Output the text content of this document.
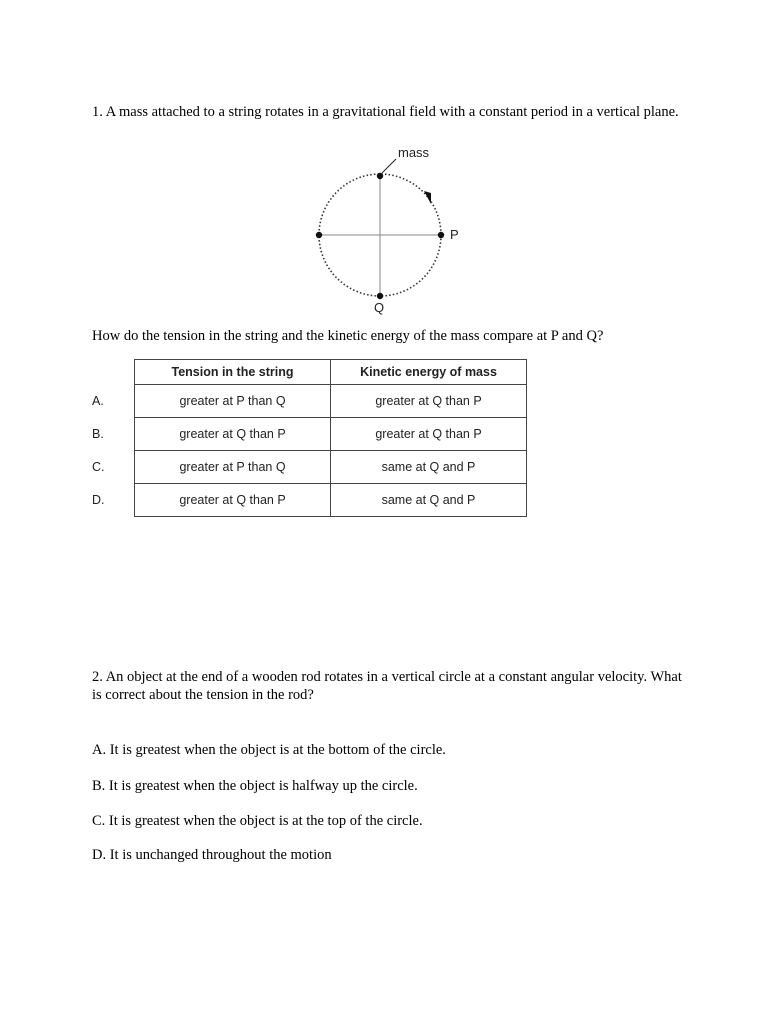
1. A mass attached to a string rotates in a gravitational field with a constant period in a vertical plane.

mass
P
Q

How do the tension in the string and the kinetic energy of the mass compare at P and Q?

	Tension in the string	Kinetic energy of mass
A.	greater at P than Q	greater at Q than P
B.	greater at Q than P	greater at Q than P
C.	greater at P than Q	same at Q and P
D.	greater at Q than P	same at Q and P

2. An object at the end of a wooden rod rotates in a vertical circle at a constant angular velocity. What is correct about the tension in the rod?

A. It is greatest when the object is at the bottom of the circle.

B. It is greatest when the object is halfway up the circle.

C. It is greatest when the object is at the top of the circle.

D. It is unchanged throughout the motion
